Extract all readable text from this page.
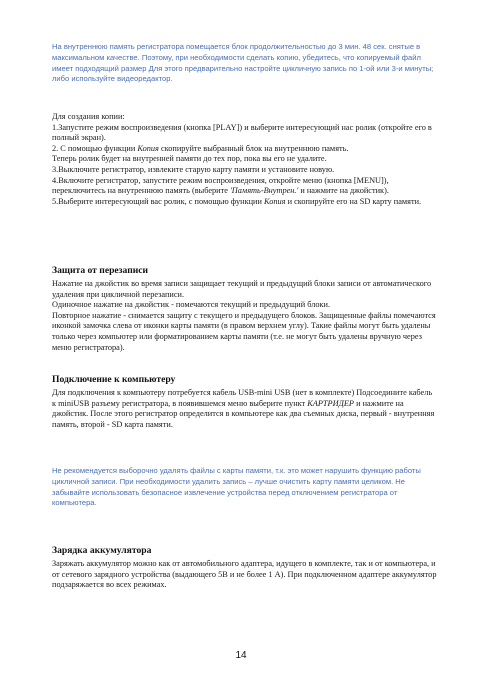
На внутреннюю память регистратора помещается блок продолжительностью до 3 мин. 48 сек. снятые в максимальном качестве. Поэтому, при необходимости сделать копию, убедитесь, что копируемый файл имеет подходящий размер Для этого предварительно настройте цикличную запись по 1-ой или 3-и минуты; либо используйте видеоредактор.

Для создания копии:

1.Запустите режим воспроизведения (кнопка [PLAY]) и выберите интересующий нас ролик (откройте его в полный экран).

2. С помощью функции Копия скопируйте выбранный блок на внутреннюю память.

Теперь ролик будет на внутренней памяти до тех пор, пока вы его не удалите.

3.Выключите регистратор, извлеките старую карту памяти и установите новую.

4.Включите регистратор, запустите режим воспроизведения, откройте меню (кнопка [MENU]), переключитесь на внутреннюю память (выберите 'Память-Внутрен.' и нажмите на джойстик).

5.Выберите интересующий вас ролик, с помощью функции Копия и скопируйте его на SD карту памяти.

Защита от перезаписи

Нажатие на джойстик во время записи защищает текущий и предыдущий блоки записи от автоматического удаления при цикличной перезаписи.

Одиночное нажатие на джойстик - помечаются текущий и предыдущий блоки.

Повторное нажатие - снимается защиту с текущего и предыдущего блоков. Защищенные файлы помечаются иконкой замочка слева от иконки карты памяти (в правом верхнем углу). Такие файлы могут быть удалены только через компьютер или форматированием карты памяти (т.е. не могут быть удалены вручную через меню регистратора).

Подключение к компьютеру

Для подключения к компьютеру потребуется кабель USB-mini USB (нет в комплекте) Подсоедините кабель к miniUSB разъему регистратора, в появившемся меню выберите пункт КАРТРИДЕР и нажмите на джойстик. После этого регистратор определится в компьютере как два съемных диска, первый - внутренняя память, второй - SD карта памяти.

Не рекомендуется выборочно удалять файлы с карты памяти, т.к. это может нарушить функцию работы цикличной записи. При необходимости удалить запись – лучше очистить карту памяти целиком. Не забывайте использовать безопасное извлечение устройства перед отключением регистратора от компьютера.
Зарядка аккумулятора

Заряжать аккумулятор можно как от автомобильного адаптера, идущего в комплекте, так и от компьютера, и от сетевого зарядного устройства (выдающего 5В и не более 1 А). При подключенном адаптере аккумулятор подзаряжается во всех режимах.

14
